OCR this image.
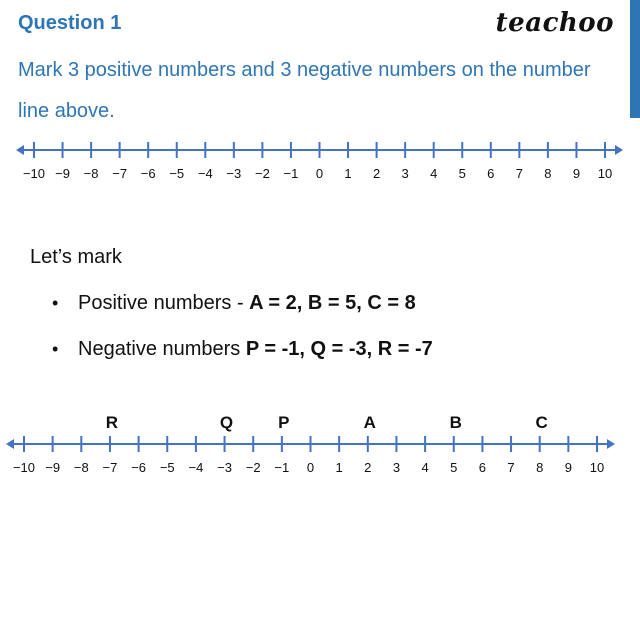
Question 1	teachoo
Mark 3 positive numbers and 3 negative numbers on the number line above.
−10 −9 −8 −7 −6 −5 −4 −3 −2 −1 0 1 2 3 4 5 6 7 8 9 10
Let’s mark
• Positive numbers - A = 2, B = 5, C = 8
• Negative numbers P = -1, Q = -3, R = -7
−10 −9 −8 −7 −6 −5 −4 −3 −2 −1 0 1 2 3 4 5 6 7 8 9 10
R	Q	P	A	B	C
